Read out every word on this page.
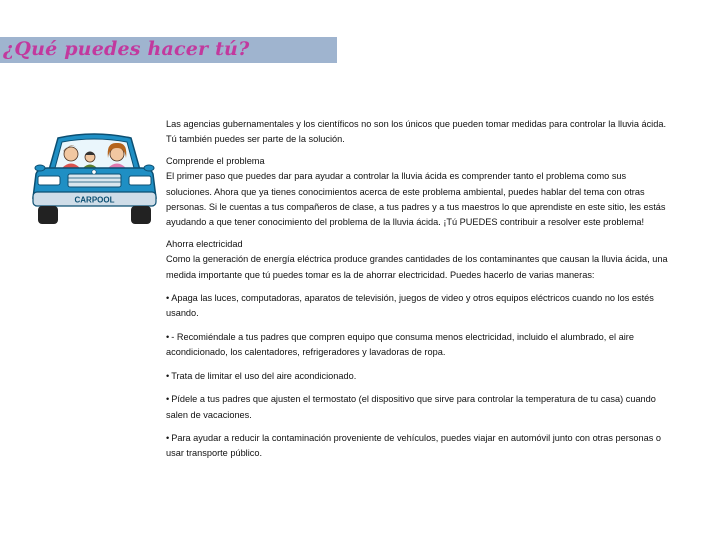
¿Qué puedes hacer tú?
CARPOOL

Las agencias gubernamentales y los científicos no son los únicos que pueden tomar medidas para controlar la lluvia ácida. Tú también puedes ser parte de la solución.

Comprende el problema

El primer paso que puedes dar para ayudar a controlar la lluvia ácida es comprender tanto el problema como sus soluciones. Ahora que ya tienes conocimientos acerca de este problema ambiental, puedes hablar del tema con otras personas. Si le cuentas a tus compañeros de clase, a tus padres y a tus maestros lo que aprendiste en este sitio, les estás ayudando a que tener conocimiento del problema de la lluvia ácida. ¡Tú PUEDES contribuir a resolver este problema!

Ahorra electricidad

Como la generación de energía eléctrica produce grandes cantidades de los contaminantes que causan la lluvia ácida, una medida importante que tú puedes tomar es la de ahorrar electricidad. Puedes hacerlo de varias maneras:

• Apaga las luces, computadoras, aparatos de televisión, juegos de video y otros equipos eléctricos cuando no los estés usando.

• - Recomiéndale a tus padres que compren equipo que consuma menos electricidad, incluido el alumbrado, el aire acondicionado, los calentadores, refrigeradores y lavadoras de ropa.

• Trata de limitar el uso del aire acondicionado.

• Pídele a tus padres que ajusten el termostato (el dispositivo que sirve para controlar la temperatura de tu casa) cuando salen de vacaciones.

• Para ayudar a reducir la contaminación proveniente de vehículos, puedes viajar en automóvil junto con otras personas o usar transporte público.
